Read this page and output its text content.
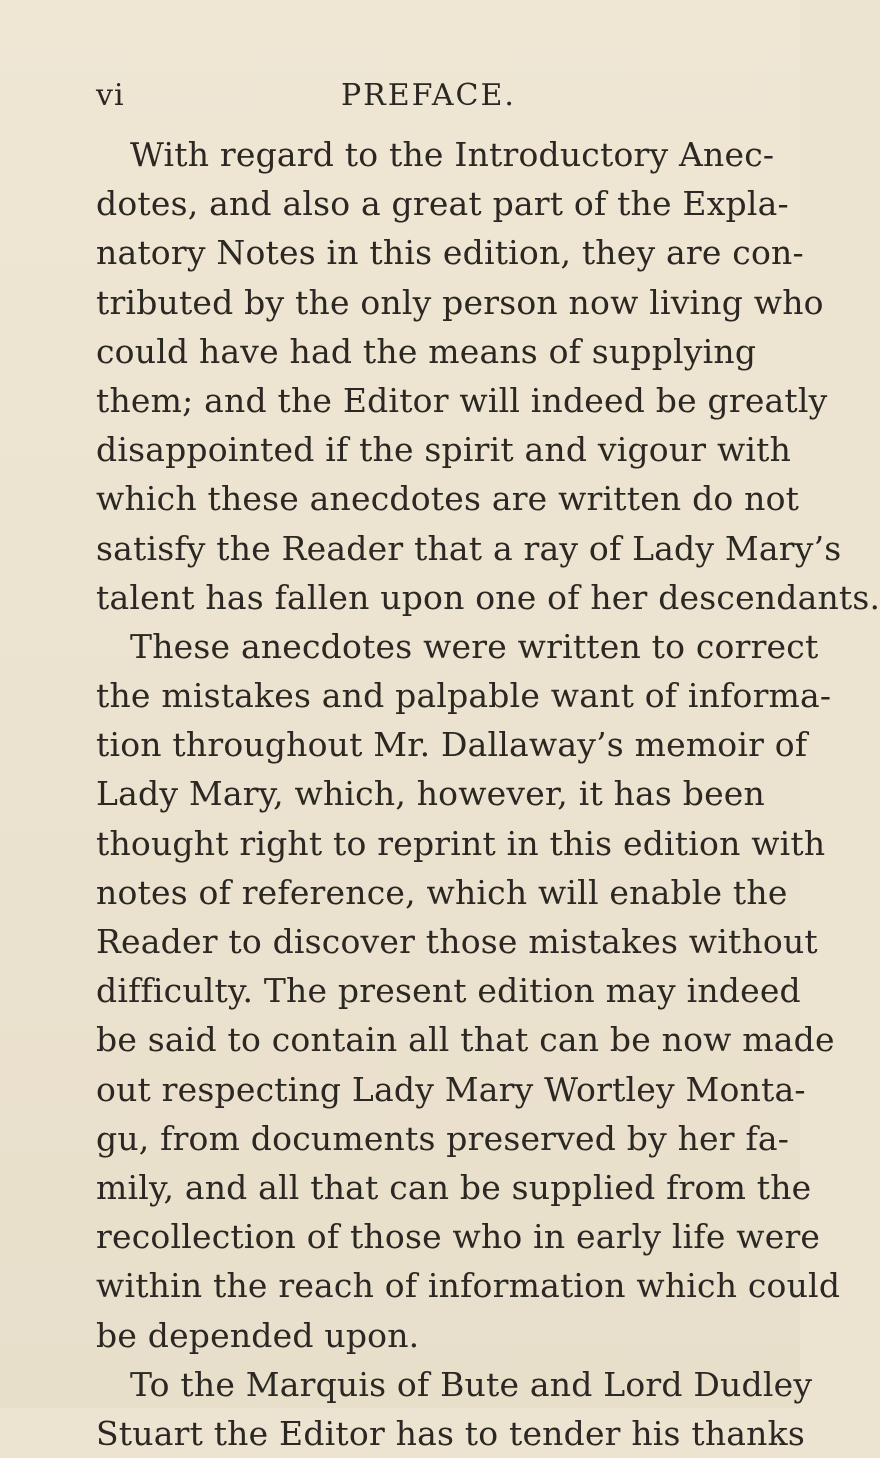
vi	PREFACE.
With regard to the Introductory Anec-
dotes, and also a great part of the Expla-
natory Notes in this edition, they are con-
tributed by the only person now living who
could have had the means of supplying
them; and the Editor will indeed be greatly
disappointed if the spirit and vigour with
which these anecdotes are written do not
satisfy the Reader that a ray of Lady Mary’s
talent has fallen upon one of her descendants.
These anecdotes were written to correct
the mistakes and palpable want of informa-
tion throughout Mr. Dallaway’s memoir of
Lady Mary, which, however, it has been
thought right to reprint in this edition with
notes of reference, which will enable the
Reader to discover those mistakes without
difficulty. The present edition may indeed
be said to contain all that can be now made
out respecting Lady Mary Wortley Monta-
gu, from documents preserved by her fa-
mily, and all that can be supplied from the
recollection of those who in early life were
within the reach of information which could
be depended upon.
To the Marquis of Bute and Lord Dudley
Stuart the Editor has to tender his thanks
